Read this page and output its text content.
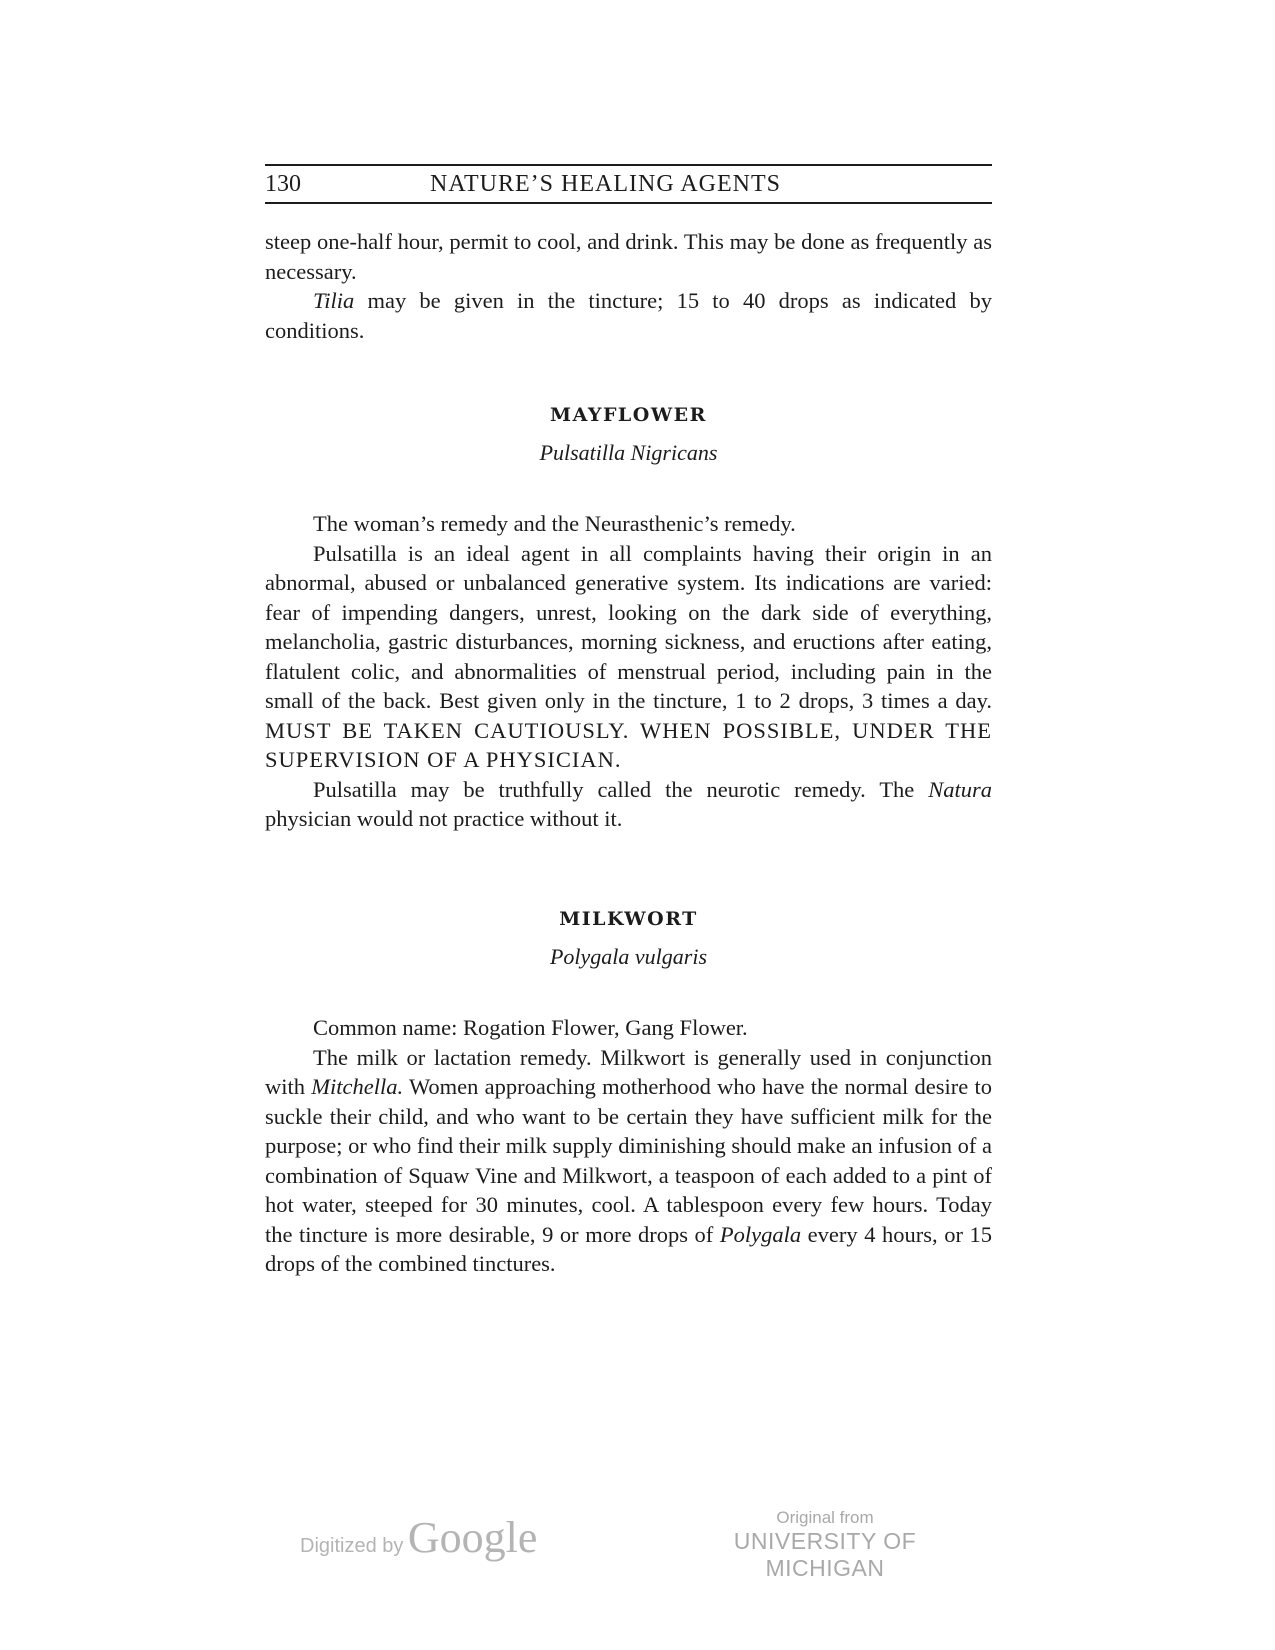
130	NATURE’S HEALING AGENTS

steep one-half hour, permit to cool, and drink. This may be done as frequently as necessary.

Tilia may be given in the tincture; 15 to 40 drops as indicated by conditions.

MAYFLOWER
Pulsatilla Nigricans

The woman’s remedy and the Neurasthenic’s remedy.

Pulsatilla is an ideal agent in all complaints having their origin in an abnormal, abused or unbalanced generative system. Its indications are varied: fear of impending dangers, unrest, looking on the dark side of everything, melancholia, gastric disturbances, morning sickness, and eructions after eating, flatulent colic, and abnormalities of menstrual period, including pain in the small of the back. Best given only in the tincture, 1 to 2 drops, 3 times a day. MUST BE TAKEN CAUTIOUSLY. WHEN POSSIBLE, UNDER THE SUPERVISION OF A PHYSICIAN.

Pulsatilla may be truthfully called the neurotic remedy. The Natura physician would not practice without it.

MILKWORT
Polygala vulgaris

Common name: Rogation Flower, Gang Flower.

The milk or lactation remedy. Milkwort is generally used in conjunction with Mitchella. Women approaching motherhood who have the normal desire to suckle their child, and who want to be certain they have sufficient milk for the purpose; or who find their milk supply diminishing should make an infusion of a combination of Squaw Vine and Milkwort, a teaspoon of each added to a pint of hot water, steeped for 30 minutes, cool. A tablespoon every few hours. Today the tincture is more desirable, 9 or more drops of Polygala every 4 hours, or 15 drops of the combined tinctures.

Digitized by Google	Original from
UNIVERSITY OF MICHIGAN
